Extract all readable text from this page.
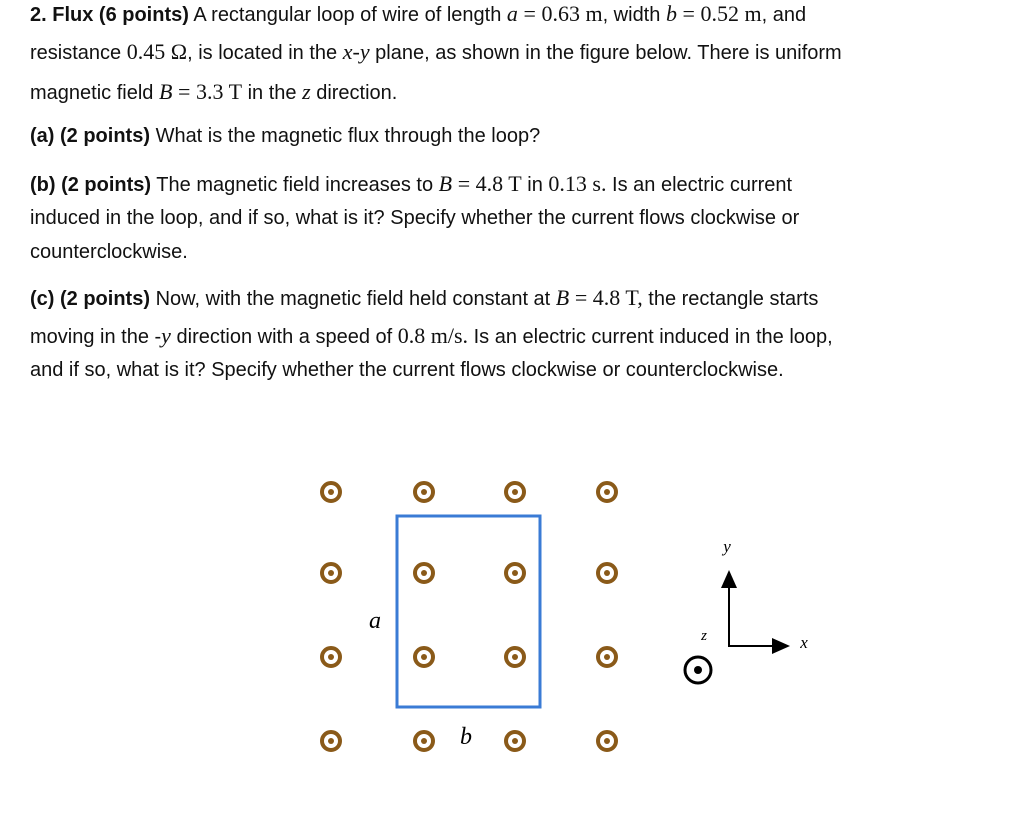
2. Flux (6 points) A rectangular loop of wire of length a = 0.63 m, width b = 0.52 m, and
resistance 0.45 Ω, is located in the x-y plane, as shown in the figure below. There is uniform
magnetic field B = 3.3 T in the z direction.
(a) (2 points) What is the magnetic flux through the loop?
(b) (2 points) The magnetic field increases to B = 4.8 T in 0.13 s. Is an electric current
induced in the loop, and if so, what is it? Specify whether the current flows clockwise or
counterclockwise.
(c) (2 points) Now, with the magnetic field held constant at B = 4.8 T, the rectangle starts
moving in the -y direction with a speed of 0.8 m/s. Is an electric current induced in the loop,
and if so, what is it? Specify whether the current flows clockwise or counterclockwise.
a
b
y
x
z
